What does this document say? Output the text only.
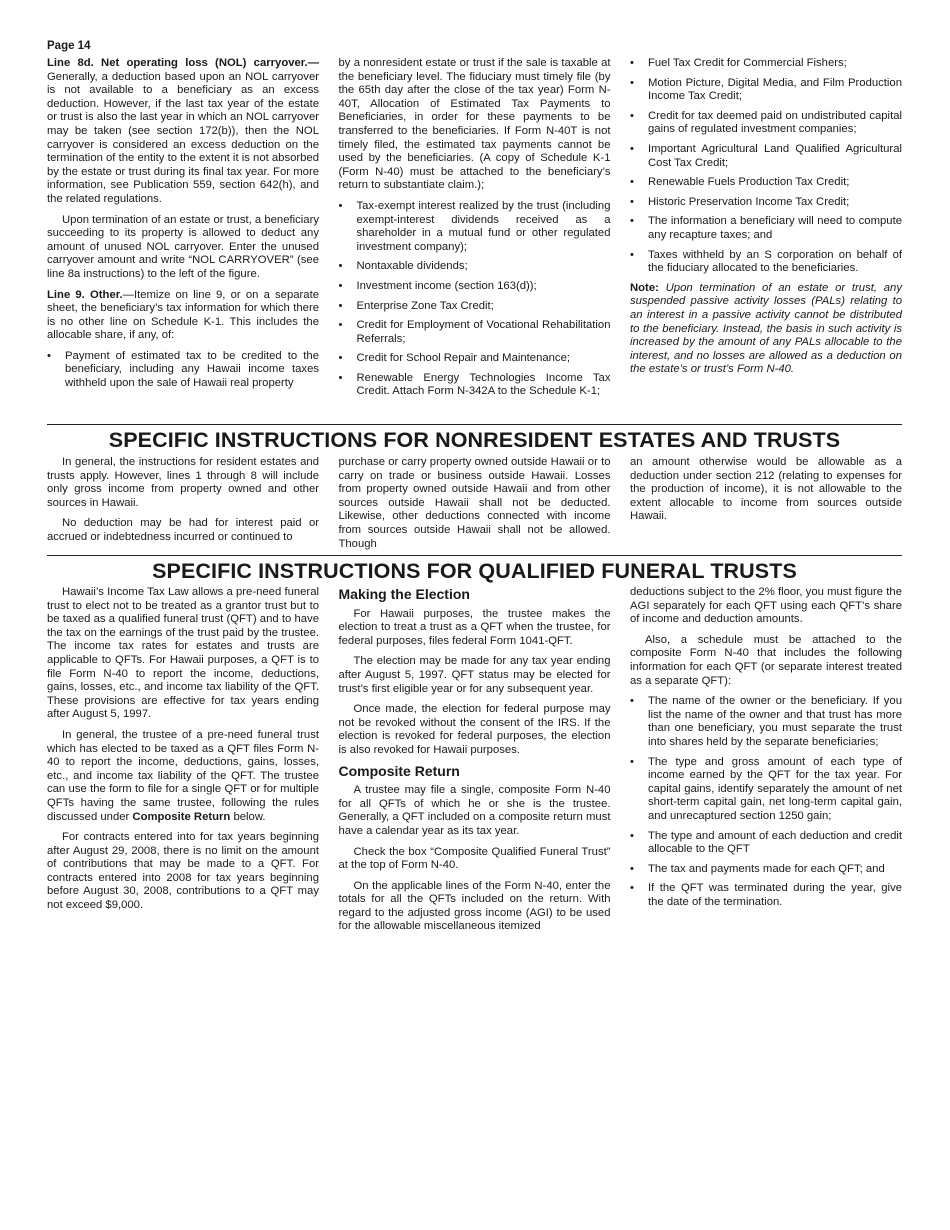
Page 14

Line 8d. Net operating loss (NOL) carryover.—Generally, a deduction based upon an NOL carryover is not available to a beneficiary as an excess deduction. However, if the last tax year of the estate or trust is also the last year in which an NOL carryover may be taken (see section 172(b)), then the NOL carryover is considered an excess deduction on the termination of the entity to the extent it is not absorbed by the estate or trust during its final tax year. For more information, see Publication 559, section 642(h), and the related regulations.

Upon termination of an estate or trust, a beneficiary succeeding to its property is allowed to deduct any amount of unused NOL carryover. Enter the unused carryover amount and write “NOL CARRYOVER” (see line 8a instructions) to the left of the figure.

Line 9. Other.—Itemize on line 9, or on a separate sheet, the beneficiary’s tax information for which there is no other line on Schedule K-1. This includes the allocable share, if any, of:

• Payment of estimated tax to be credited to the beneficiary, including any Hawaii income taxes withheld upon the sale of Hawaii real property

by a nonresident estate or trust if the sale is taxable at the beneficiary level. The fiduciary must timely file (by the 65th day after the close of the tax year) Form N-40T, Allocation of Estimated Tax Payments to Beneficiaries, in order for these payments to be transferred to the beneficiaries. If Form N-40T is not timely filed, the estimated tax payments cannot be used by the beneficiaries. (A copy of Schedule K-1 (Form N-40) must be attached to the beneficiary’s return to substantiate claim.);

• Tax-exempt interest realized by the trust (including exempt-interest dividends received as a shareholder in a mutual fund or other regulated investment company);
• Nontaxable dividends;
• Investment income (section 163(d));
• Enterprise Zone Tax Credit;
• Credit for Employment of Vocational Rehabilitation Referrals;
• Credit for School Repair and Maintenance;
• Renewable Energy Technologies Income Tax Credit. Attach Form N-342A to the Schedule K-1;
• Fuel Tax Credit for Commercial Fishers;
• Motion Picture, Digital Media, and Film Production Income Tax Credit;
• Credit for tax deemed paid on undistributed capital gains of regulated investment companies;
• Important Agricultural Land Qualified Agricultural Cost Tax Credit;
• Renewable Fuels Production Tax Credit;
• Historic Preservation Income Tax Credit;
• The information a beneficiary will need to compute any recapture taxes; and
• Taxes withheld by an S corporation on behalf of the fiduciary allocated to the beneficiaries.

Note: Upon termination of an estate or trust, any suspended passive activity losses (PALs) relating to an interest in a passive activity cannot be distributed to the beneficiary. Instead, the basis in such activity is increased by the amount of any PALs allocable to the interest, and no losses are allowed as a deduction on the estate’s or trust’s Form N-40.

SPECIFIC INSTRUCTIONS FOR NONRESIDENT ESTATES AND TRUSTS

In general, the instructions for resident estates and trusts apply. However, lines 1 through 8 will include only gross income from property owned and other sources in Hawaii.

No deduction may be had for interest paid or accrued or indebtedness incurred or continued to

purchase or carry property owned outside Hawaii or to carry on trade or business outside Hawaii. Losses from property owned outside Hawaii and from other sources outside Hawaii shall not be deducted. Likewise, other deductions connected with income from sources outside Hawaii shall not be allowed. Though

an amount otherwise would be allowable as a deduction under section 212 (relating to expenses for the production of income), it is not allowable to the extent allocable to income from sources outside Hawaii.

SPECIFIC INSTRUCTIONS FOR QUALIFIED FUNERAL TRUSTS

Hawaii’s Income Tax Law allows a pre-need funeral trust to elect not to be treated as a grantor trust but to be taxed as a qualified funeral trust (QFT) and to have the tax on the earnings of the trust paid by the trustee. The income tax rates for estates and trusts are applicable to QFTs. For Hawaii purposes, a QFT is to file Form N-40 to report the income, deductions, gains, losses, etc., and income tax liability of the QFT. These provisions are effective for tax years ending after August 5, 1997.

In general, the trustee of a pre-need funeral trust which has elected to be taxed as a QFT files Form N-40 to report the income, deductions, gains, losses, etc., and income tax liability of the QFT. The trustee can use the form to file for a single QFT or for multiple QFTs having the same trustee, following the rules discussed under Composite Return below.

For contracts entered into for tax years beginning after August 29, 2008, there is no limit on the amount of contributions that may be made to a QFT. For contracts entered into 2008 for tax years beginning before August 30, 2008, contributions to a QFT may not exceed $9,000.

Making the Election

For Hawaii purposes, the trustee makes the election to treat a trust as a QFT when the trustee, for federal purposes, files federal Form 1041-QFT.

The election may be made for any tax year ending after August 5, 1997. QFT status may be elected for trust’s first eligible year or for any subsequent year.

Once made, the election for federal purpose may not be revoked without the consent of the IRS. If the election is revoked for federal purposes, the election is also revoked for Hawaii purposes.

Composite Return

A trustee may file a single, composite Form N-40 for all QFTs of which he or she is the trustee. Generally, a QFT included on a composite return must have a calendar year as its tax year.

Check the box “Composite Qualified Funeral Trust” at the top of Form N-40.

On the applicable lines of the Form N-40, enter the totals for all the QFTs included on the return. With regard to the adjusted gross income (AGI) to be used for the allowable miscellaneous itemized

deductions subject to the 2% floor, you must figure the AGI separately for each QFT using each QFT’s share of income and deduction amounts.

Also, a schedule must be attached to the composite Form N-40 that includes the following information for each QFT (or separate interest treated as a separate QFT):

• The name of the owner or the beneficiary. If you list the name of the owner and that trust has more than one beneficiary, you must separate the trust into shares held by the separate beneficiaries;
• The type and gross amount of each type of income earned by the QFT for the tax year. For capital gains, identify separately the amount of net short-term capital gain, net long-term capital gain, and unrecaptured section 1250 gain;
• The type and amount of each deduction and credit allocable to the QFT
• The tax and payments made for each QFT; and
• If the QFT was terminated during the year, give the date of the termination.
